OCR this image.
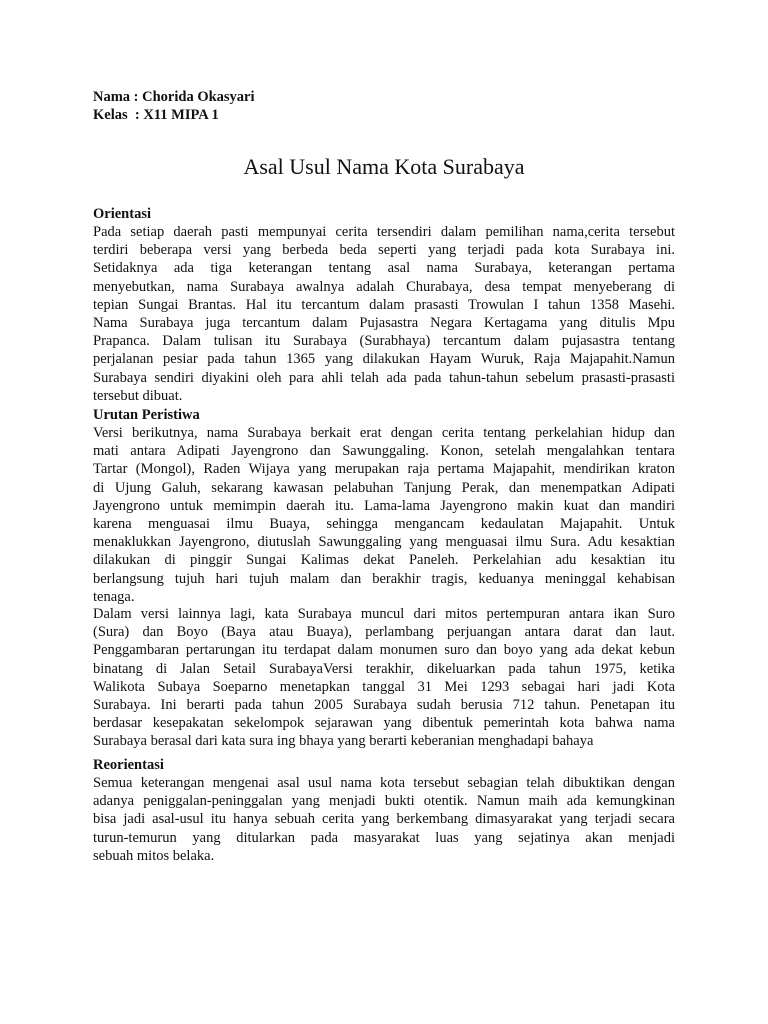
Nama : Chorida Okasyari
Kelas  : X11 MIPA 1
Asal Usul Nama Kota Surabaya

Orientasi

Pada setiap daerah pasti mempunyai cerita tersendiri dalam pemilihan nama,cerita tersebut
terdiri beberapa versi yang berbeda beda seperti yang terjadi pada kota Surabaya ini.
Setidaknya ada tiga keterangan tentang asal nama Surabaya, keterangan pertama
menyebutkan, nama Surabaya awalnya adalah Churabaya, desa tempat menyeberang di
tepian Sungai Brantas. Hal itu tercantum dalam prasasti Trowulan I tahun 1358 Masehi.
Nama Surabaya juga tercantum dalam Pujasastra Negara Kertagama yang ditulis Mpu
Prapanca. Dalam tulisan itu Surabaya (Surabhaya) tercantum dalam pujasastra tentang
perjalanan pesiar pada tahun 1365 yang dilakukan Hayam Wuruk, Raja Majapahit.Namun
Surabaya sendiri diyakini oleh para ahli telah ada pada tahun-tahun sebelum prasasti-prasasti
tersebut dibuat.

Urutan Peristiwa

Versi berikutnya, nama Surabaya berkait erat dengan cerita tentang perkelahian hidup dan
mati antara Adipati Jayengrono dan Sawunggaling. Konon, setelah mengalahkan tentara
Tartar (Mongol), Raden Wijaya yang merupakan raja pertama Majapahit, mendirikan kraton
di Ujung Galuh, sekarang kawasan pelabuhan Tanjung Perak, dan menempatkan Adipati
Jayengrono untuk memimpin daerah itu. Lama-lama Jayengrono makin kuat dan mandiri
karena menguasai ilmu Buaya, sehingga mengancam kedaulatan Majapahit. Untuk
menaklukkan Jayengrono, diutuslah Sawunggaling yang menguasai ilmu Sura. Adu kesaktian
dilakukan di pinggir Sungai Kalimas dekat Paneleh. Perkelahian adu kesaktian itu
berlangsung tujuh hari tujuh malam dan berakhir tragis, keduanya meninggal kehabisan
tenaga.
Dalam versi lainnya lagi, kata Surabaya muncul dari mitos pertempuran antara ikan Suro
(Sura) dan Boyo (Baya atau Buaya), perlambang perjuangan antara darat dan laut.
Penggambaran pertarungan itu terdapat dalam monumen suro dan boyo yang ada dekat kebun
binatang di Jalan Setail SurabayaVersi terakhir, dikeluarkan pada tahun 1975, ketika
Walikota Subaya Soeparno menetapkan tanggal 31 Mei 1293 sebagai hari jadi Kota
Surabaya. Ini berarti pada tahun 2005 Surabaya sudah berusia 712 tahun. Penetapan itu
berdasar kesepakatan sekelompok sejarawan yang dibentuk pemerintah kota bahwa nama
Surabaya berasal dari kata sura ing bhaya yang berarti keberanian menghadapi bahaya

Reorientasi

Semua keterangan mengenai asal usul nama kota tersebut sebagian telah dibuktikan dengan
adanya peniggalan-peninggalan yang menjadi bukti otentik. Namun maih ada kemungkinan
bisa jadi asal-usul itu hanya sebuah cerita yang berkembang dimasyarakat yang terjadi secara
turun-temurun yang ditularkan pada masyarakat luas yang sejatinya akan menjadi
sebuah mitos belaka.
